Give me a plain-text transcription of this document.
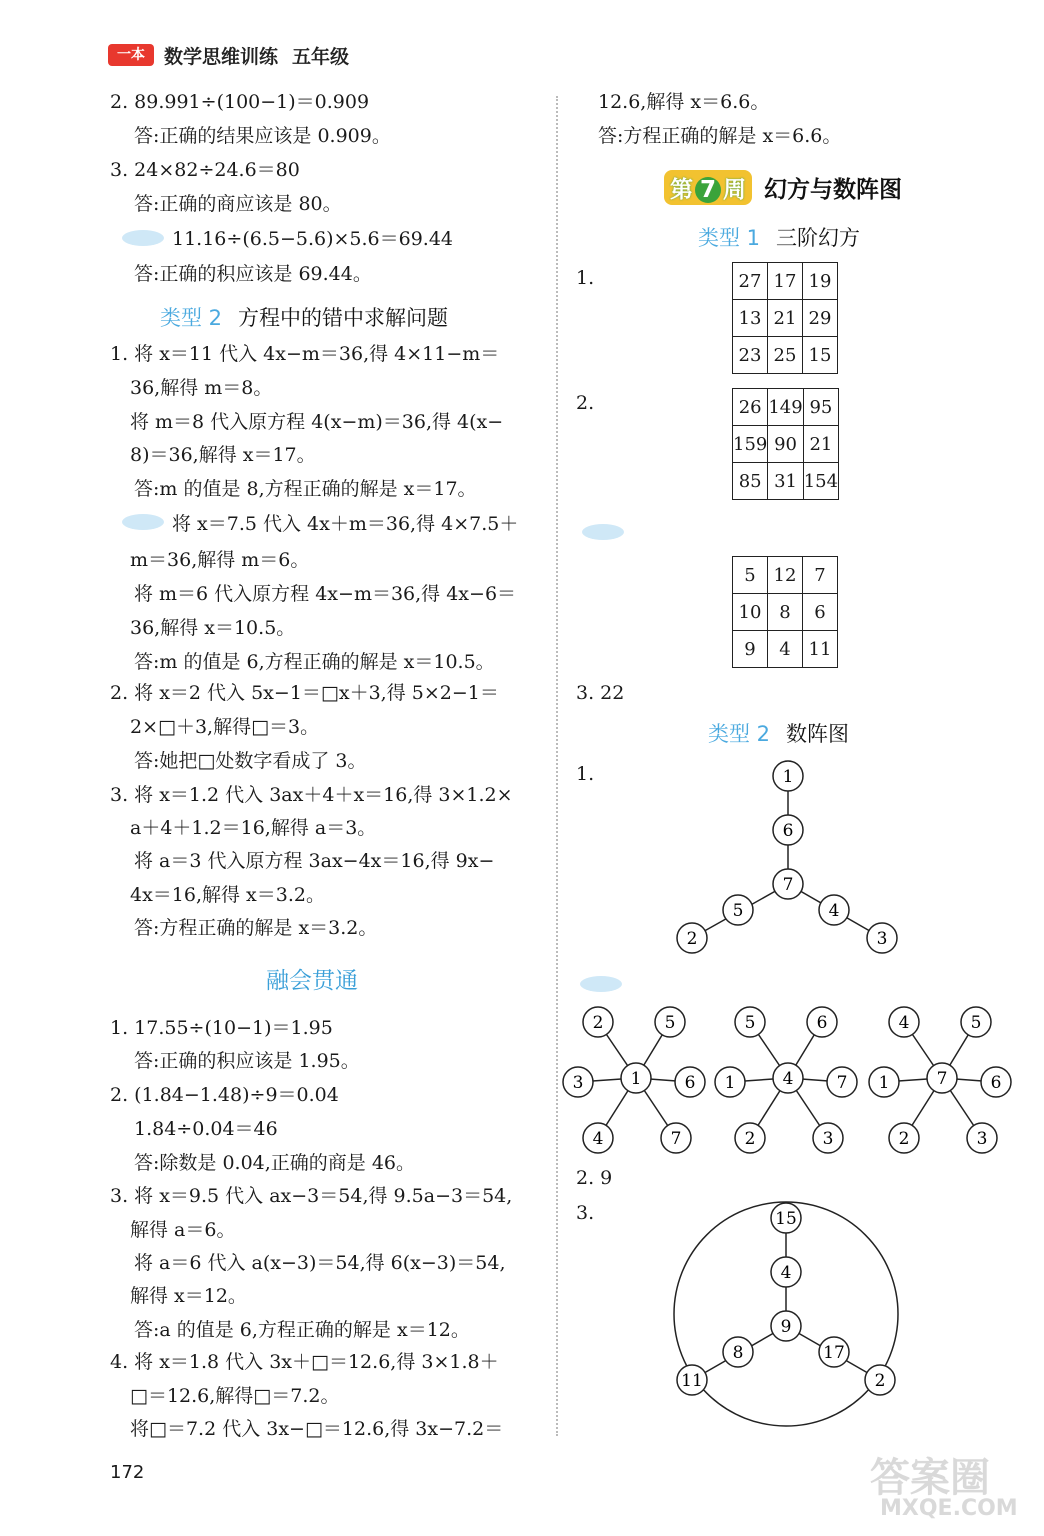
一本	数学思维训练 五年级
2. 89.991÷(100−1)＝0.909
答:正确的结果应该是 0.909。
3. 24×82÷24.6＝80
答:正确的商应该是 80。
11.16÷(6.5−5.6)×5.6＝69.44
答:正确的积应该是 69.44。
1. 将 x＝11 代入 4x−m＝36,得 4×11−m＝
36,解得 m＝8。
将 m＝8 代入原方程 4(x−m)＝36,得 4(x−
8)＝36,解得 x＝17。
答:m 的值是 8,方程正确的解是 x＝17。
将 x＝7.5 代入 4x＋m＝36,得 4×7.5＋
m＝36,解得 m＝6。
将 m＝6 代入原方程 4x−m＝36,得 4x−6＝
36,解得 x＝10.5。
答:m 的值是 6,方程正确的解是 x＝10.5。
2. 将 x＝2 代入 5x−1＝□x＋3,得 5×2−1＝
2×□＋3,解得□＝3。
答:她把□处数字看成了 3。
3. 将 x＝1.2 代入 3ax＋4＋x＝16,得 3×1.2×
a＋4＋1.2＝16,解得 a＝3。
将 a＝3 代入原方程 3ax−4x＝16,得 9x−
4x＝16,解得 x＝3.2。
答:方程正确的解是 x＝3.2。
1. 17.55÷(10−1)＝1.95
答:正确的积应该是 1.95。
2. (1.84−1.48)÷9＝0.04
1.84÷0.04＝46
答:除数是 0.04,正确的商是 46。
3. 将 x＝9.5 代入 ax−3＝54,得 9.5a−3＝54,
解得 a＝6。
将 a＝6 代入 a(x−3)＝54,得 6(x−3)＝54,
解得 x＝12。
答:a 的值是 6,方程正确的解是 x＝12。
4. 将 x＝1.8 代入 3x＋□＝12.6,得 3×1.8＋
□＝12.6,解得□＝7.2。
将□＝7.2 代入 3x−□＝12.6,得 3x−7.2＝
12.6,解得 x＝6.6。
答:方程正确的解是 x＝6.6。
1.
2.
3. 22
1.
2. 9
3.
类型 2 方程中的错中求解问题
融会贯通
第 7 周 幻方与数阵图
类型 1 三阶幻方
类型 2 数阵图
27	17	19
13	21	29
23	25	15
26	149	95
159	90	21
85	31	154
5	12	7
10	8	6
9	4	11
1
6
7
5	4
2	3
2	5
3	6
4	7
1
5	6
1	7
2	3
4
4	5
1	6
2	3
7
15
4
9
8	17
11	2
172	答案圈
MXQE.COM
